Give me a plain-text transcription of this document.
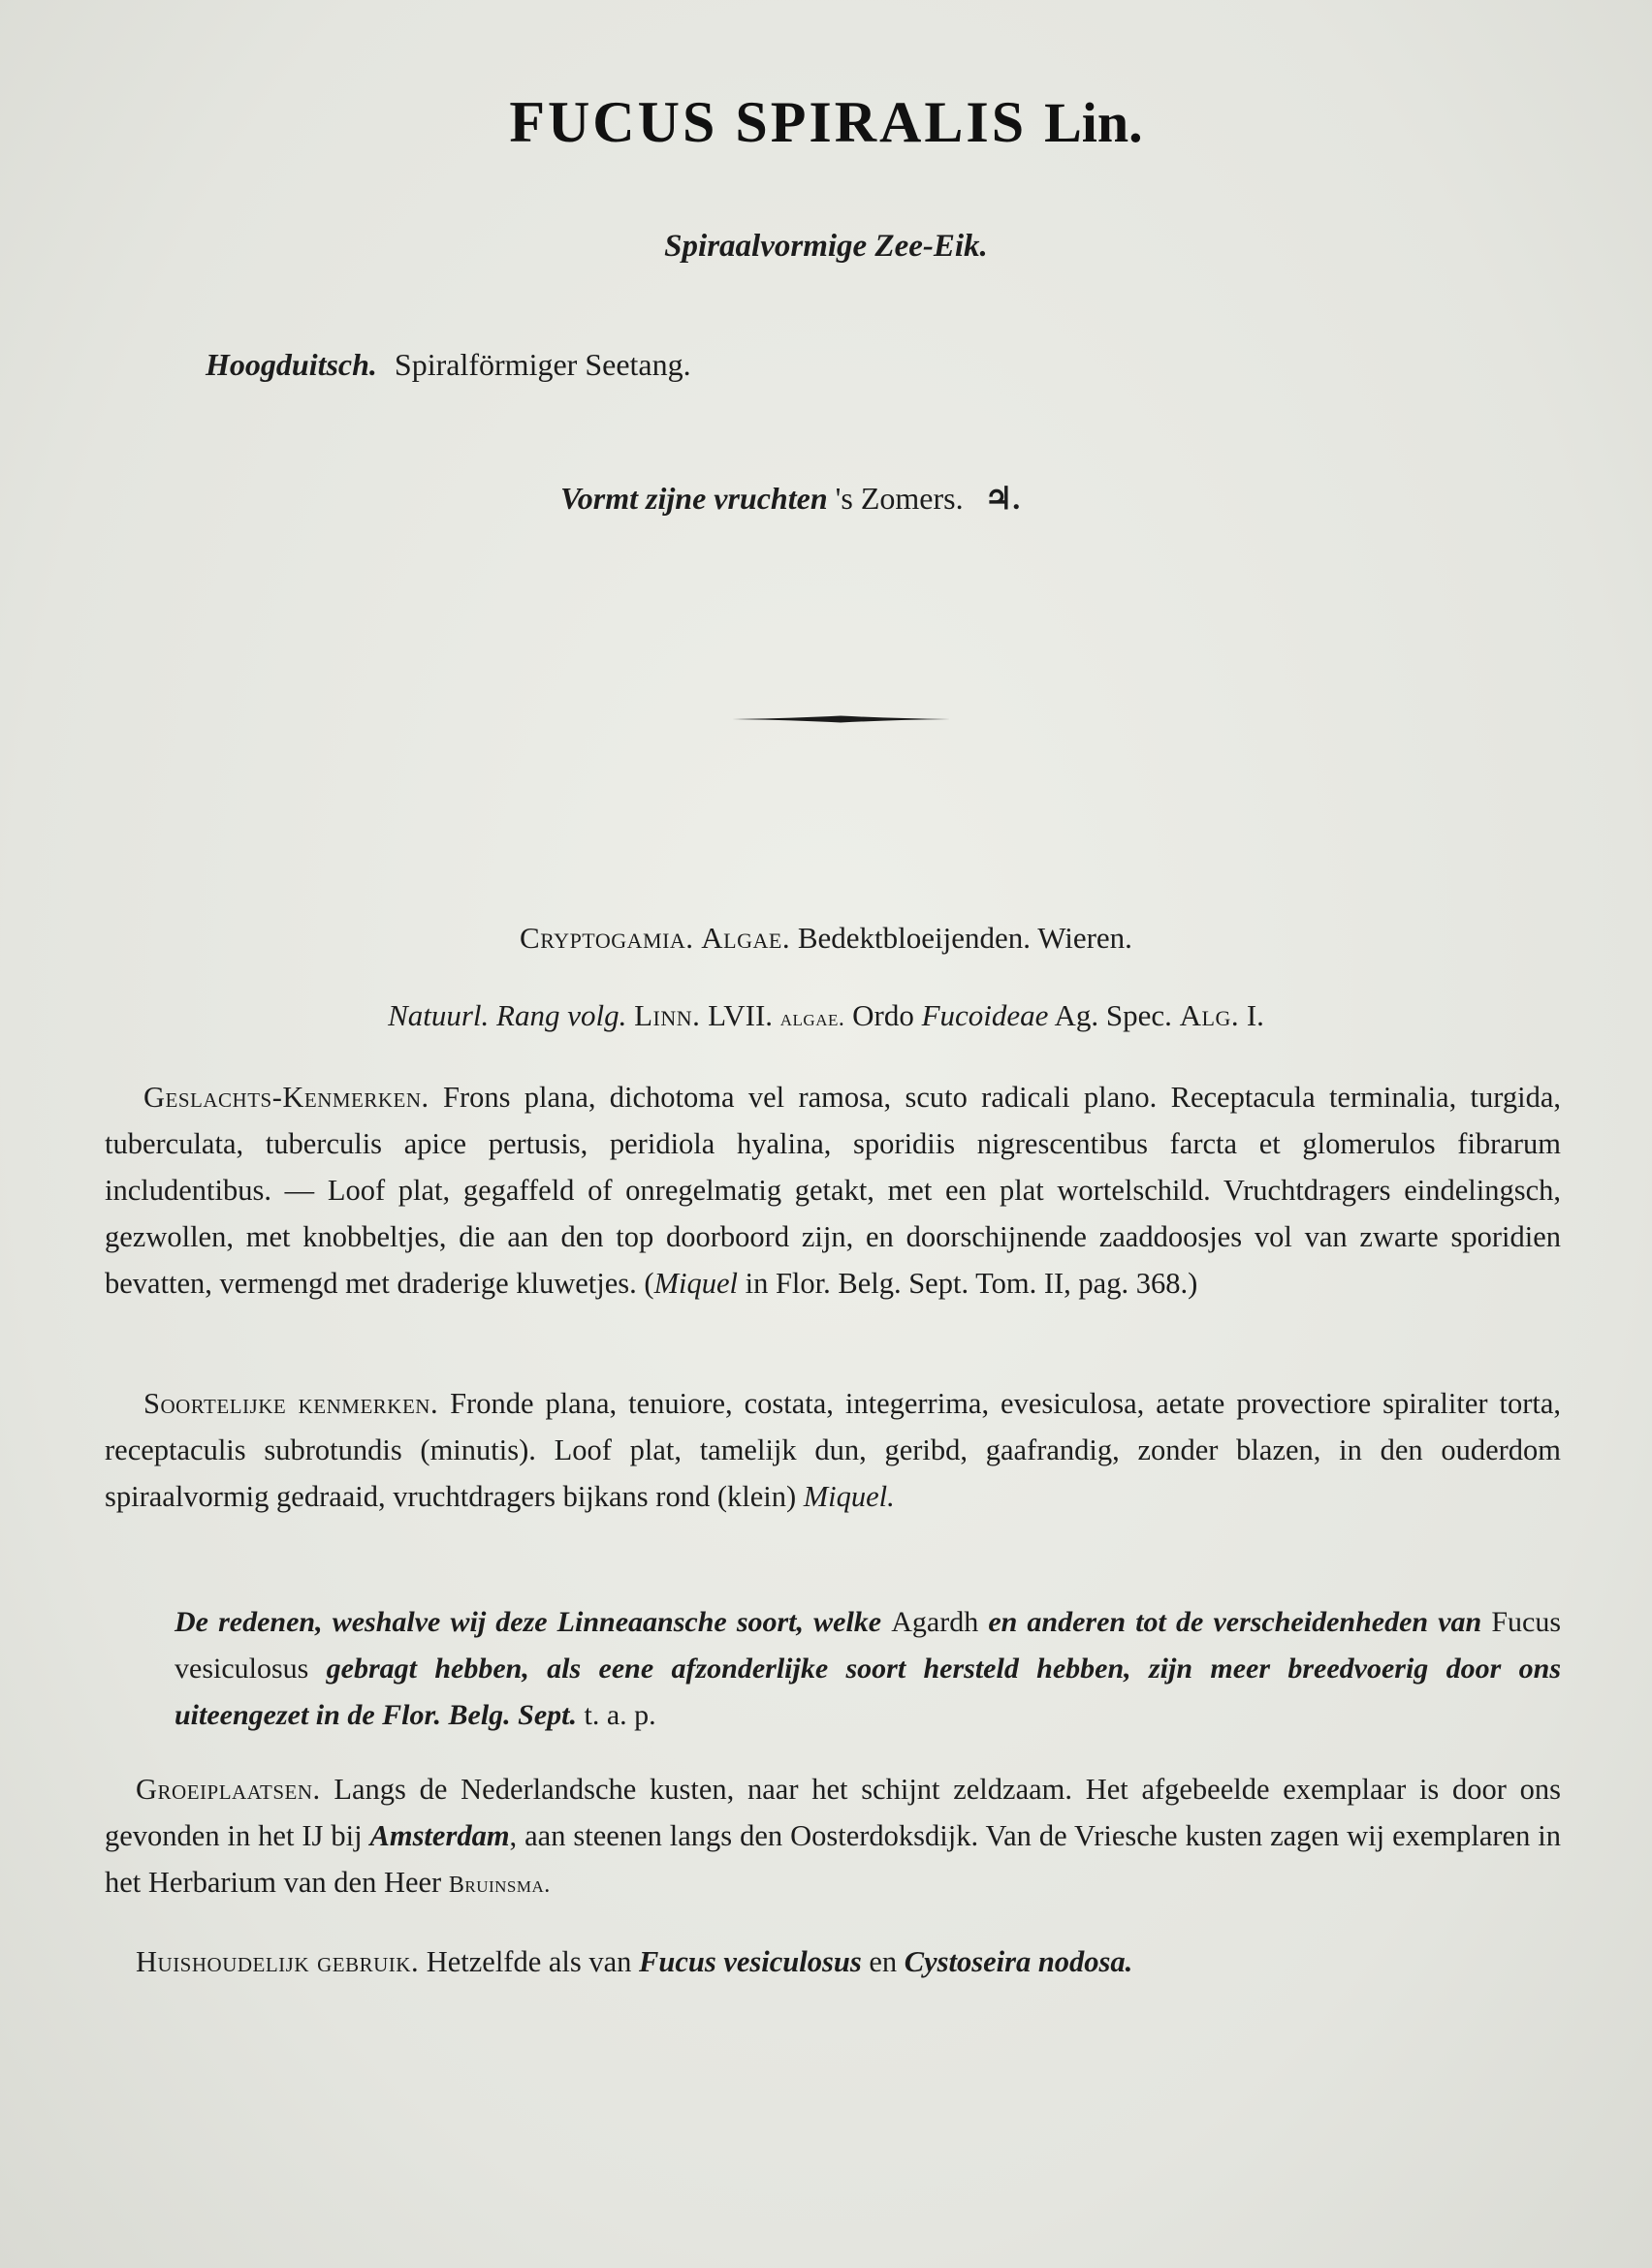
FUCUS SPIRALIS Lin.
Spiraalvormige Zee-Eik.
Hoogduitsch. Spiralförmiger Seetang.
Vormt zijne vruchten 's Zomers. ♃.
Cryptogamia. Algae. Bedektbloeijenden. Wieren.
Natuurl. Rang volg. Linn. LVII. algae. Ordo Fucoideae Ag. Spec. Alg. I.
Geslachts-Kenmerken. Frons plana, dichotoma vel ramosa, scuto radicali plano. Receptacula terminalia, turgida, tuberculata, tuberculis apice pertusis, peridiola hyalina, sporidiis nigrescentibus farcta et glomerulos fibrarum includentibus. — Loof plat, gegaffeld of onregelmatig getakt, met een plat wortelschild. Vruchtdragers eindelingsch, gezwollen, met knobbeltjes, die aan den top doorboord zijn, en doorschijnende zaaddoosjes vol van zwarte sporidien bevatten, vermengd met draderige kluwetjes. (Miquel in Flor. Belg. Sept. Tom. II, pag. 368.)
Soortelijke kenmerken. Fronde plana, tenuiore, costata, integerrima, evesiculosa, aetate provectiore spiraliter torta, receptaculis subrotundis (minutis). Loof plat, tamelijk dun, geribd, gaafrandig, zonder blazen, in den ouderdom spiraalvormig gedraaid, vruchtdragers bijkans rond (klein) Miquel.
De redenen, weshalve wij deze Linneaansche soort, welke Agardh en anderen tot de verscheidenheden van Fucus vesiculosus gebragt hebben, als eene afzonderlijke soort hersteld hebben, zijn meer breedvoerig door ons uiteengezet in de Flor. Belg. Sept. t. a. p.
Groeiplaatsen. Langs de Nederlandsche kusten, naar het schijnt zeldzaam. Het afgebeelde exemplaar is door ons gevonden in het IJ bij Amsterdam, aan steenen langs den Oosterdoksdijk. Van de Vriesche kusten zagen wij exemplaren in het Herbarium van den Heer Bruinsma.
Huishoudelijk gebruik. Hetzelfde als van Fucus vesiculosus en Cystoseira nodosa.
